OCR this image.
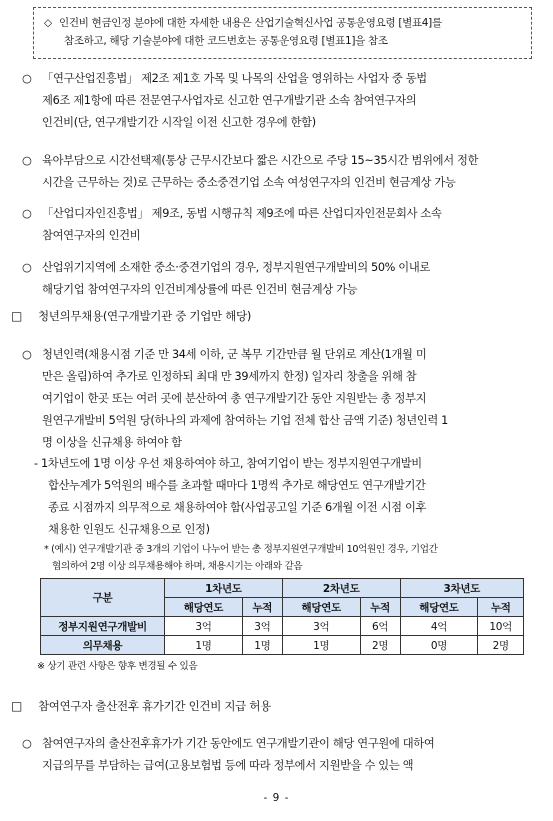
◇ 인건비 현금인정 분야에 대한 자세한 내용은 산업기술혁신사업 공통운영요령 [별표4]를
참조하고, 해당 기술분야에 대한 코드번호는 공통운영요령 [별표1]을 참조
○ 「연구산업진흥법」 제2조 제1호 가목 및 나목의 산업을 영위하는 사업자 중 동법
제6조 제1항에 따른 전문연구사업자로 신고한 연구개발기관 소속 참여연구자의
인건비(단, 연구개발기간 시작일 이전 신고한 경우에 한함)
○ 육아부담으로 시간선택제(통상 근무시간보다 짧은 시간으로 주당 15~35시간 범위에서 정한
시간을 근무하는 것)로 근무하는 중소중견기업 소속 여성연구자의 인건비 현금계상 가능
○ 「산업디자인진흥법」 제9조, 동법 시행규칙 제9조에 따른 산업디자인전문회사 소속
참여연구자의 인건비
○ 산업위기지역에 소재한 중소·중견기업의 경우, 정부지원연구개발비의 50% 이내로
해당기업 참여연구자의 인건비계상률에 따른 인건비 현금계상 가능
□ 청년의무채용(연구개발기관 중 기업만 해당)
○ 청년인력(채용시점 기준 만 34세 이하, 군 복무 기간만큼 월 단위로 계산(1개월 미
만은 올림)하여 추가로 인정하되 최대 만 39세까지 한정) 일자리 창출을 위해 참
여기업이 한곳 또는 여러 곳에 분산하여 총 연구개발기간 동안 지원받는 총 정부지
원연구개발비 5억원 당(하나의 과제에 참여하는 기업 전체 합산 금액 기준) 청년인력 1
명 이상을 신규채용 하여야 함
- 1차년도에 1명 이상 우선 채용하여야 하고, 참여기업이 받는 정부지원연구개발비
합산누계가 5억원의 배수를 초과할 때마다 1명씩 추가로 해당연도 연구개발기간
종료 시점까지 의무적으로 채용하여야 함(사업공고일 기준 6개월 이전 시점 이후
채용한 인원도 신규채용으로 인정)
* (예시) 연구개발기관 중 3개의 기업이 나누어 받는 총 정부지원연구개발비 10억원인 경우, 기업간
협의하여 2명 이상 의무채용해야 하며, 채용시기는 아래와 같음
구분	1차년도		2차년도		3차년도	
	해당연도	누적	해당연도	누적	해당연도	누적
정부지원연구개발비	3억	3억	3억	6억	4억	10억
의무채용	1명	1명	1명	2명	0명	2명
※ 상기 관련 사항은 향후 변경될 수 있음
□ 참여연구자 출산전후 휴가기간 인건비 지급 허용
○ 참여연구자의 출산전후휴가가 기간 동안에도 연구개발기관이 해당 연구원에 대하여
지급의무를 부담하는 급여(고용보험법 등에 따라 정부에서 지원받을 수 있는 액
- 9 -
